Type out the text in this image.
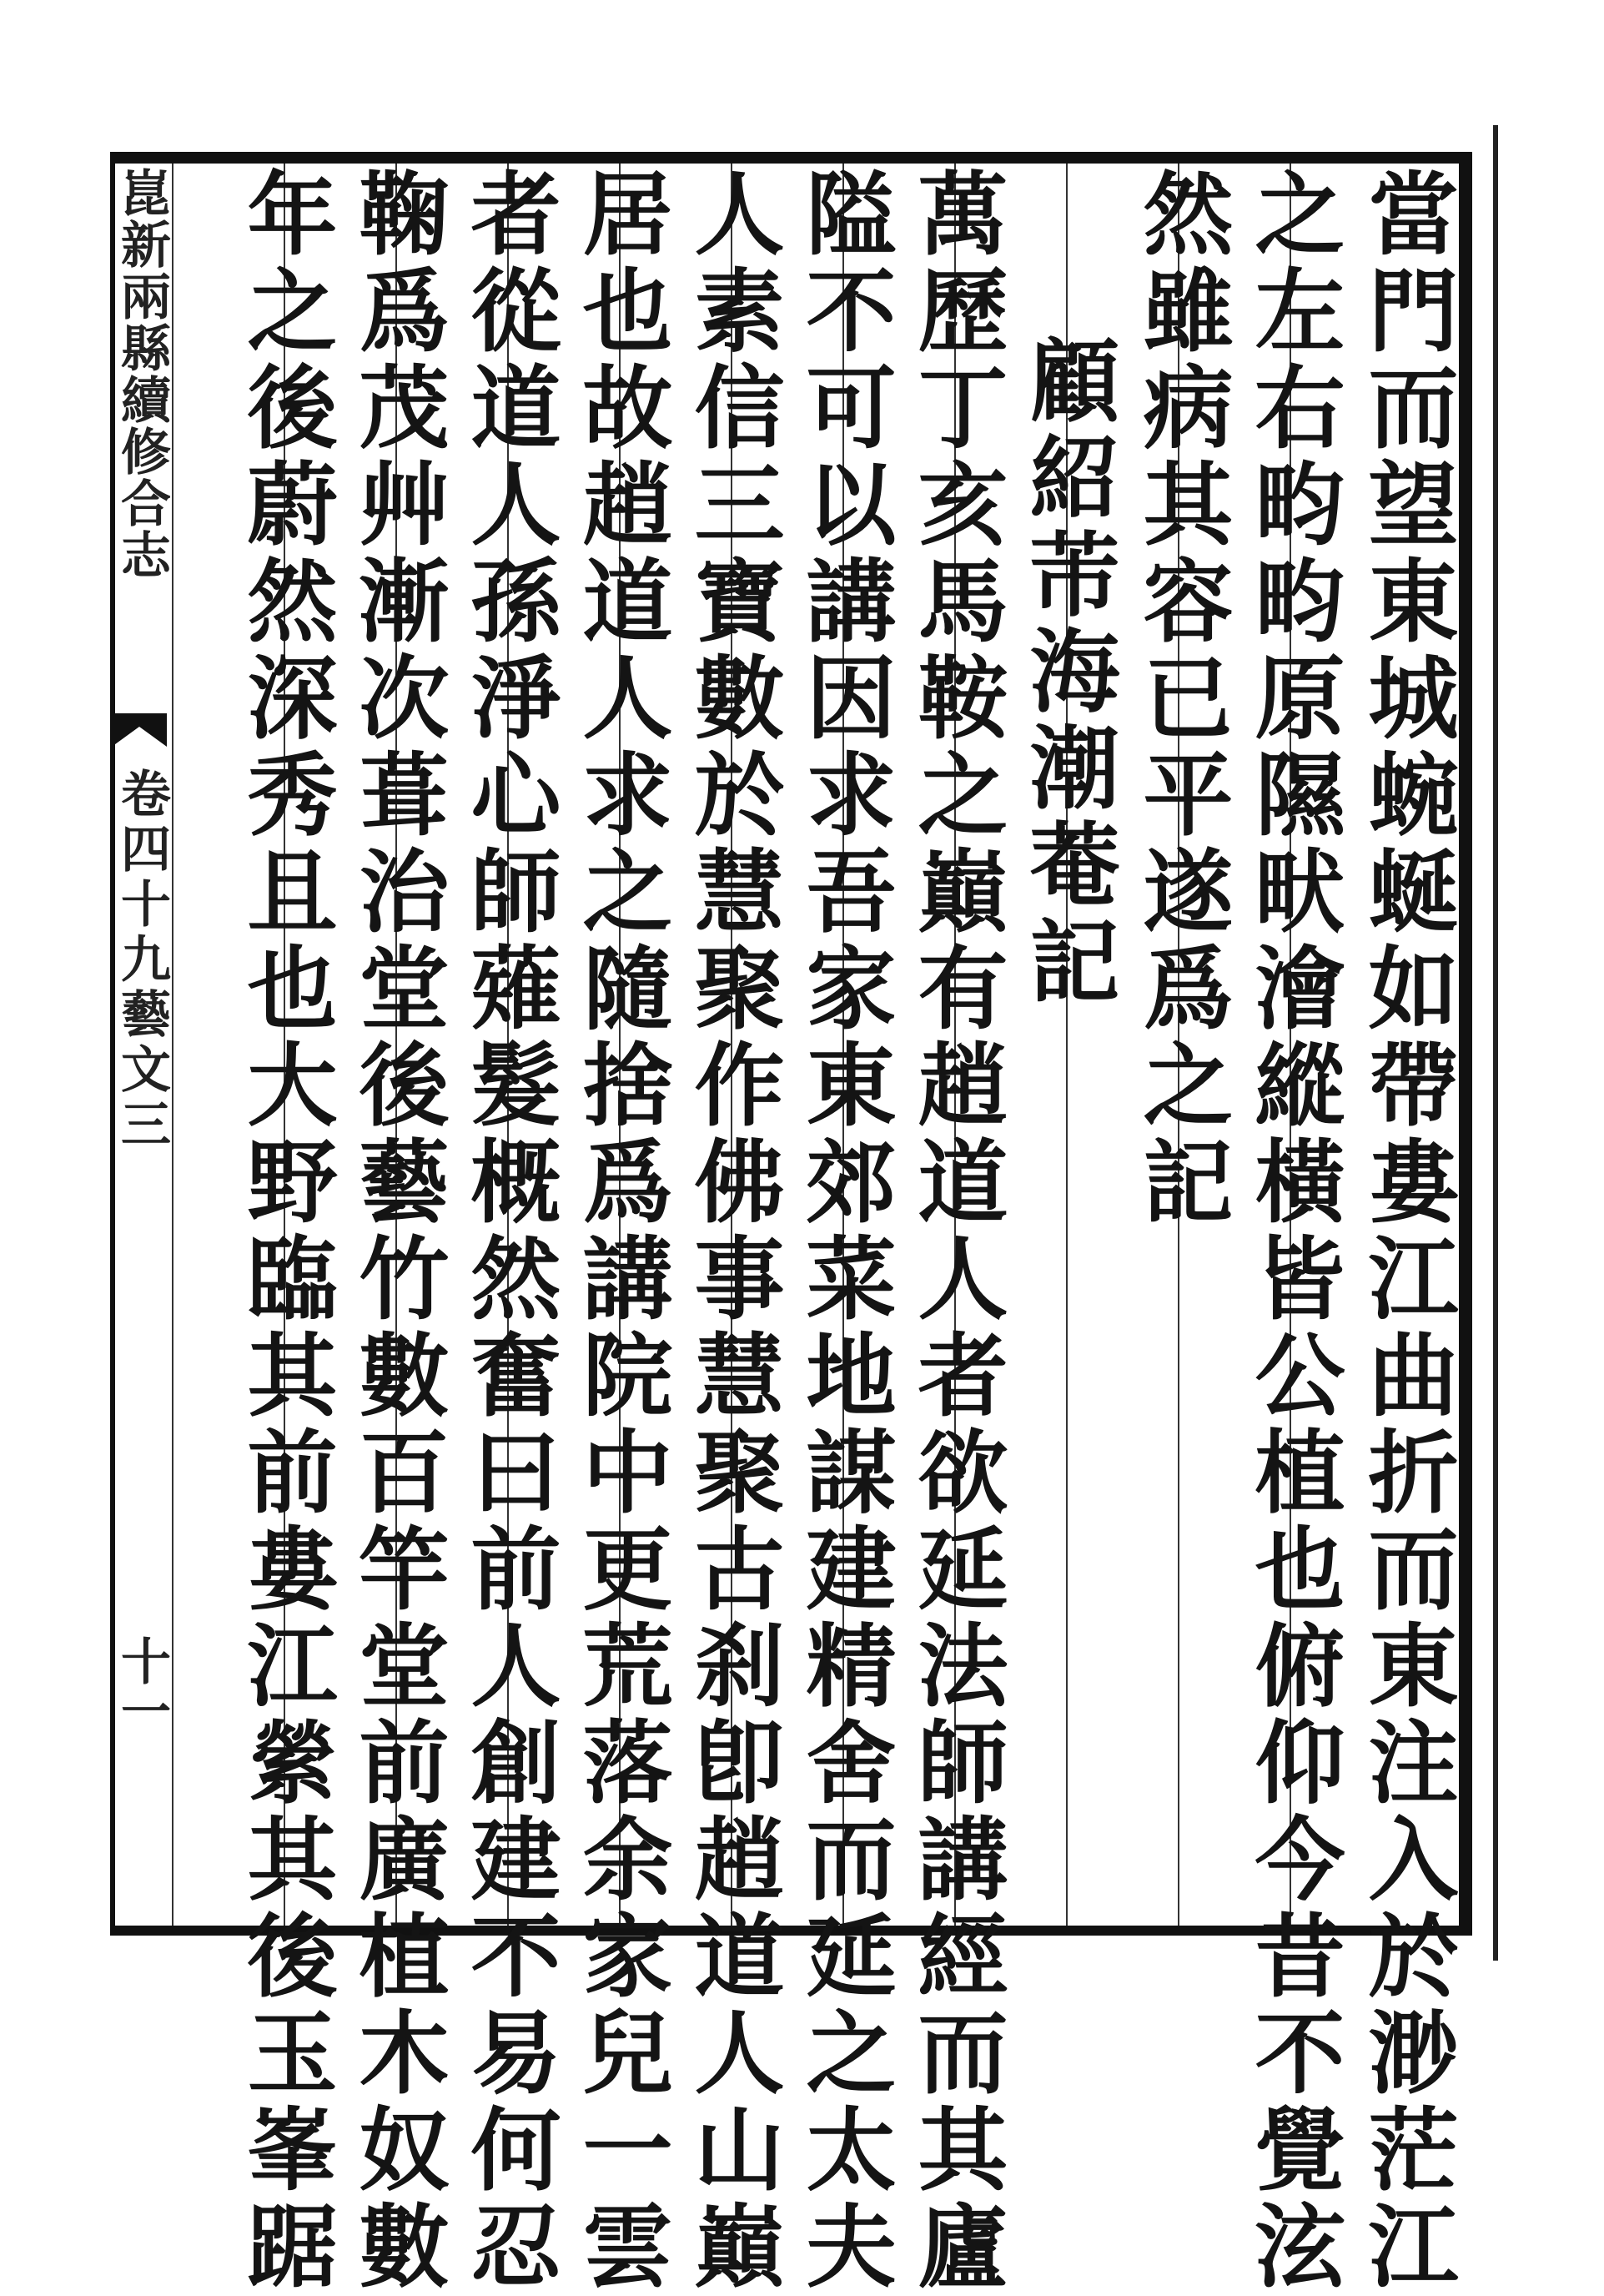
崑新兩縣續修合志
卷四十九藝文三
十一	當門而望東城蜿蜒如帶婁江曲折而東注入於渺茫江
之左右畇畇原隰畎澮縱橫皆公植也俯仰今昔不覺泫
然雖病其容已平遂爲之記
顧紹芾海潮菴記
萬歷丁亥馬鞍之巔有趙道人者欲延法師講經而其廬
隘不可以講因求吾家東郊菜地謀建精舍而延之太夫
人素信三寶數於慧聚作佛事慧聚古刹卽趙道人山巔
居也故趙道人求之隨捨爲講院中更荒落余家兒一雲
者從道人孫淨心師薙髮概然奮曰前人創建不易何忍
鞠爲茂艸漸次葺治堂後藝竹數百竿堂前廣植木奴數
年之後蔚然深秀且也大野臨其前婁江縈其後玉峯踞
